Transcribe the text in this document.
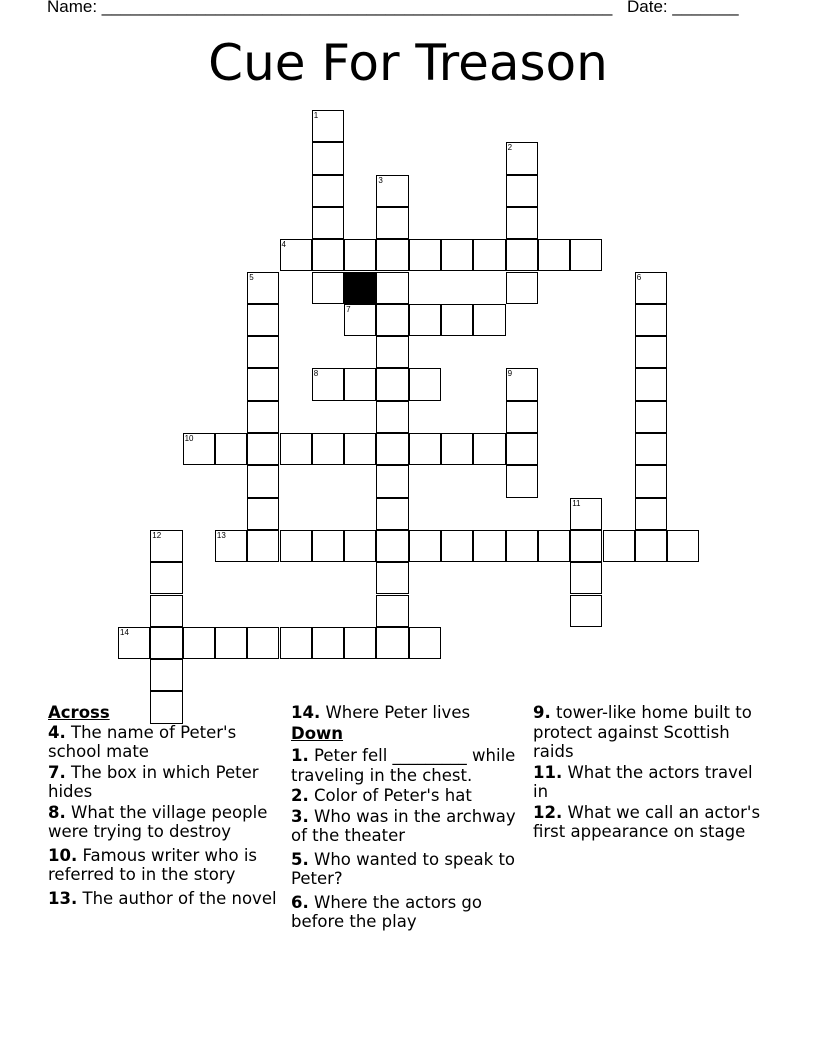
Name: ______________________________________________________ Date: _______
Cue For Treason
4
7
8
10
13
14
1
2
3
5	6
9
11
12
Across
4. The name of Peter's school mate
7. The box in which Peter hides
8. What the village people were trying to destroy
10. Famous writer who is referred to in the story
13. The author of the novel
14. Where Peter lives
Down
1. Peter fell _________ while traveling in the chest.
2. Color of Peter's hat
3. Who was in the archway of the theater
5. Who wanted to speak to Peter?
6. Where the actors go before the play
9. tower-like home built to protect against Scottish raids
11. What the actors travel in
12. What we call an actor's first appearance on stage
